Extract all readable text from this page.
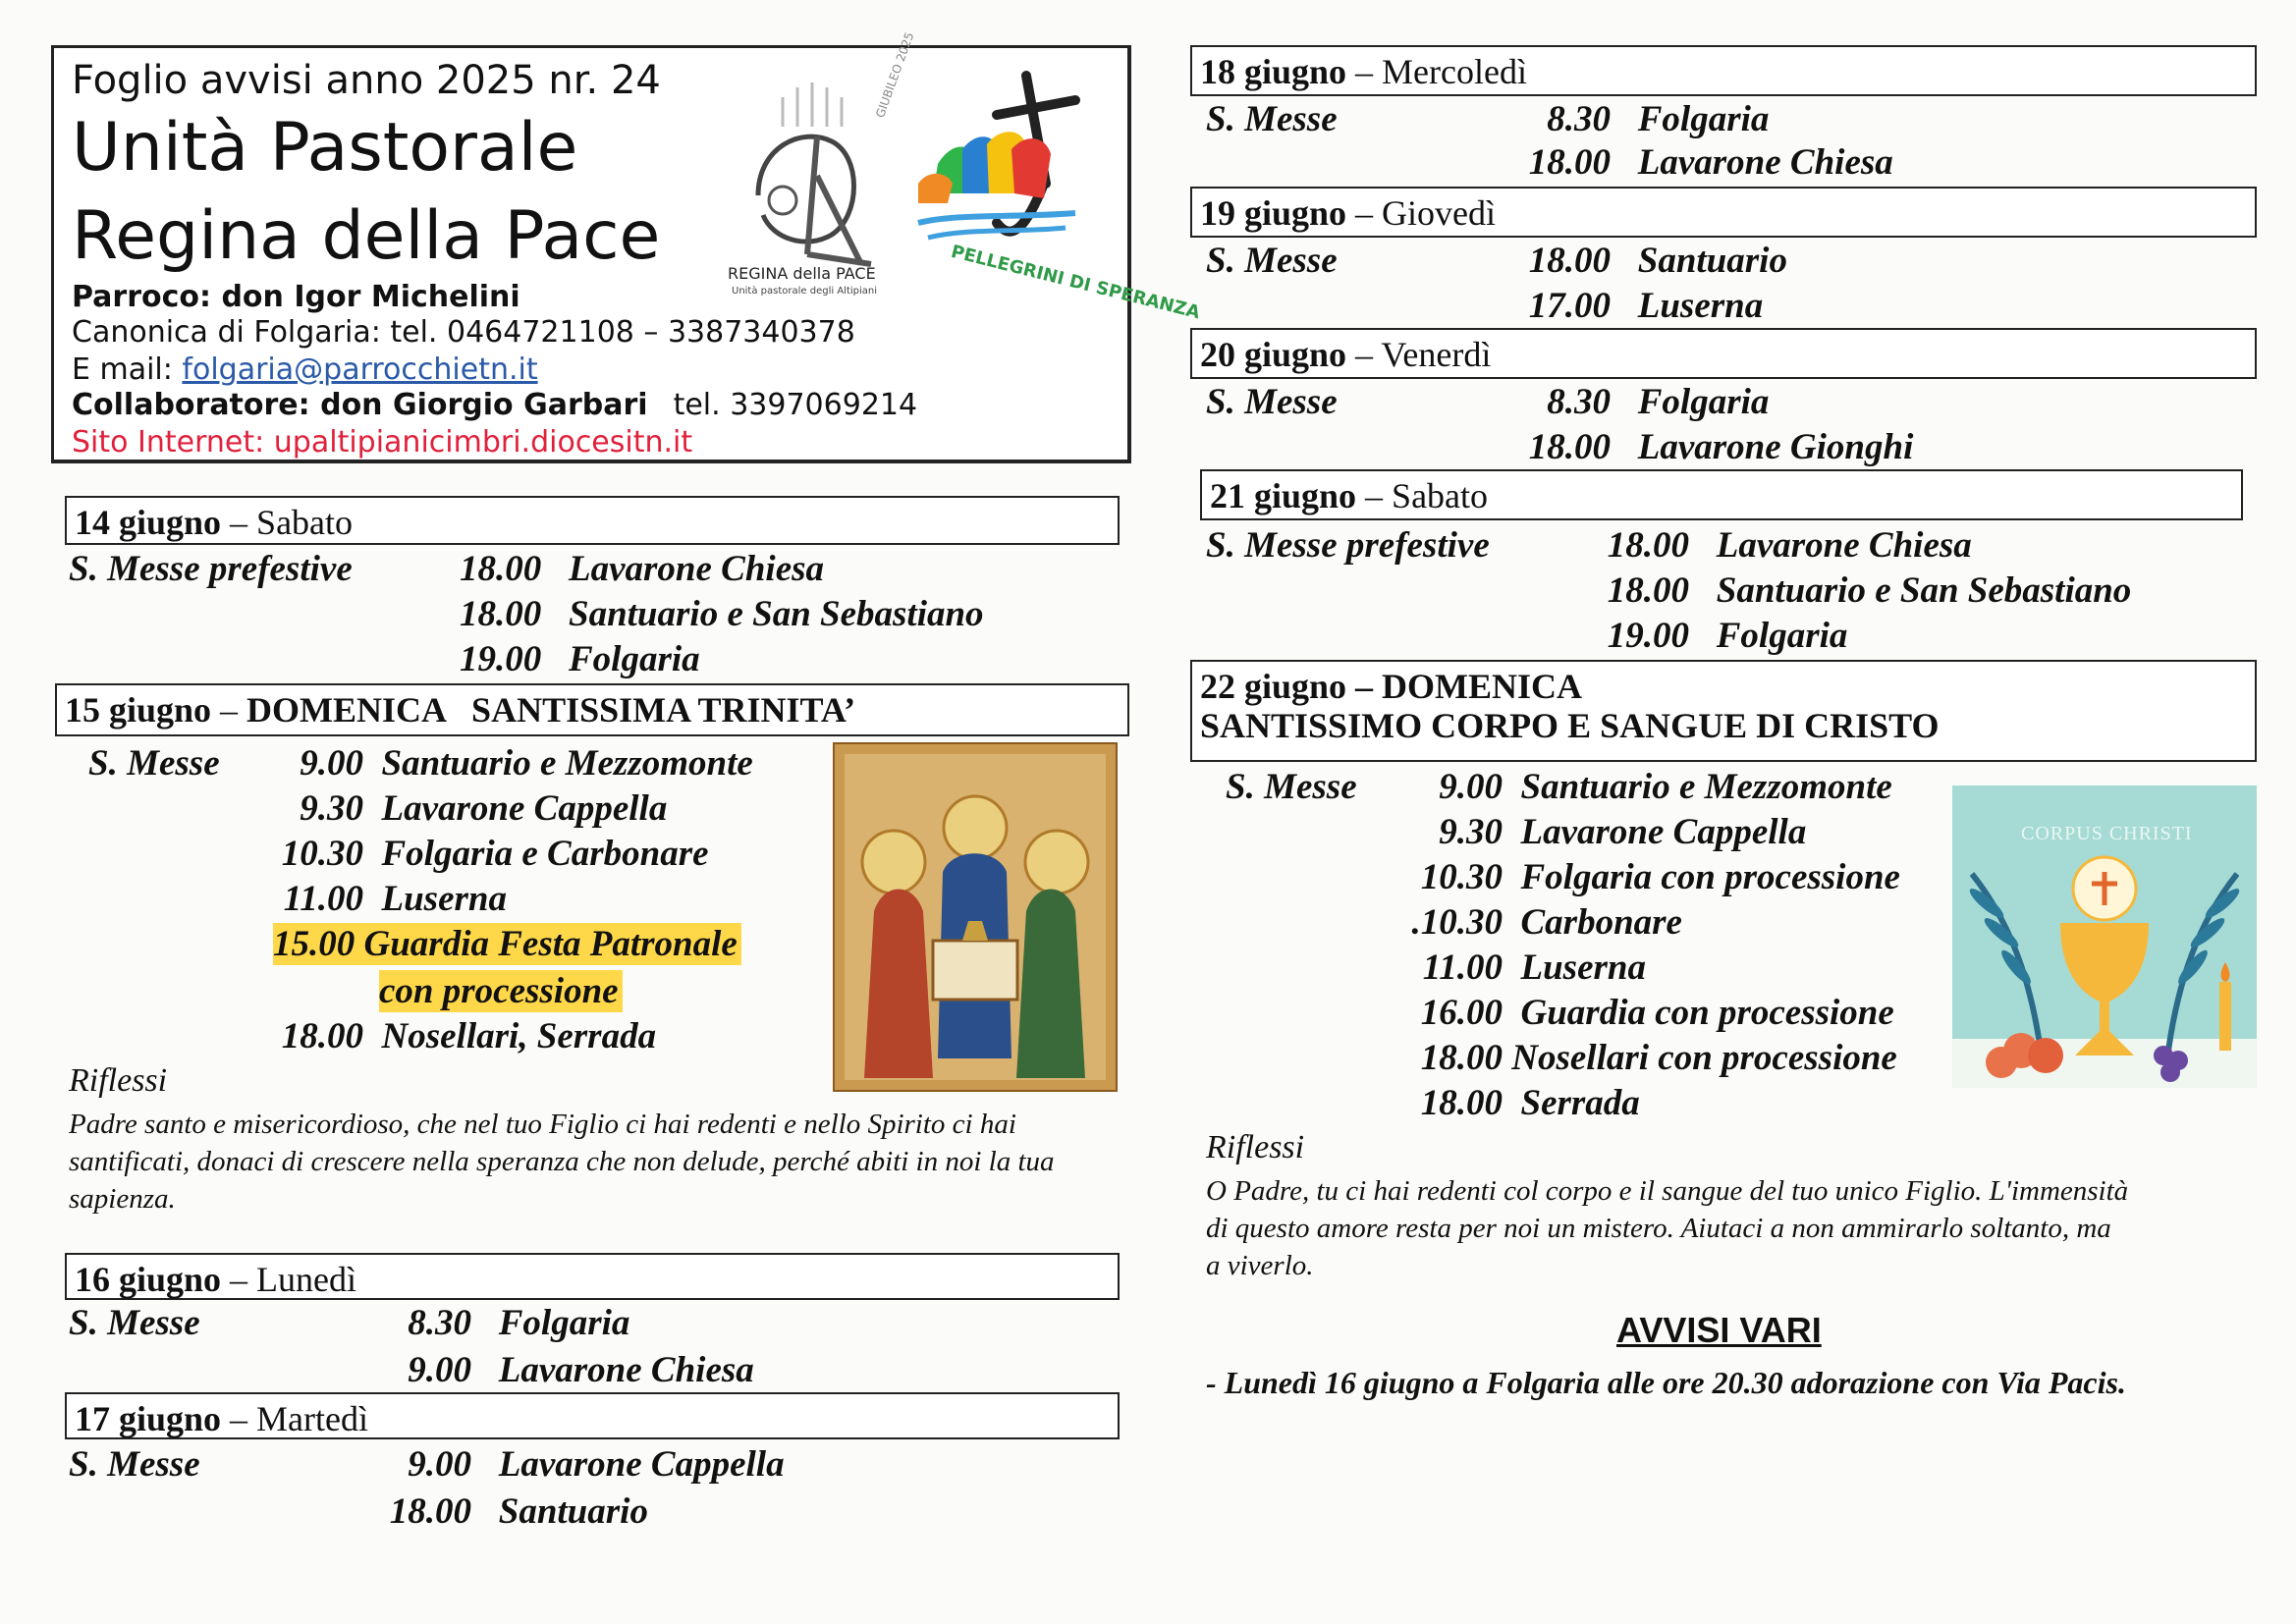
Foglio avvisi anno 2025 nr. 24
Unità Pastorale
Regina della Pace
Parroco: don Igor Michelini
Canonica di Folgaria: tel. 0464721108 – 3387340378
E mail: folgaria@parrocchietn.it
Collaboratore: don Giorgio Garbari tel. 3397069214
Sito Internet: upaltipianicimbri.diocesitn.it
REGINA della PACE
Unità pastorale degli Altipiani
GIUBILEO 2025
PELLEGRINI DI SPERANZA
14 giugno – Sabato
S. Messe prefestive	18.00 Lavarone Chiesa
18.00 Santuario e San Sebastiano
19.00 Folgaria
15 giugno – DOMENICA   SANTISSIMA TRINITA’
S. Messe	9.00 Santuario e Mezzomonte
9.30 Lavarone Cappella
10.30 Folgaria e Carbonare
11.00 Luserna
15.00 Guardia Festa Patronale
con processione
18.00 Nosellari, Serrada
Riflessi
Padre santo e misericordioso, che nel tuo Figlio ci hai redenti e nello Spirito ci hai santificati, donaci di crescere nella speranza che non delude, perché abiti in noi la tua sapienza.
16 giugno – Lunedì
S. Messe	8.30 Folgaria
9.00 Lavarone Chiesa
17 giugno – Martedì
S. Messe	9.00 Lavarone Cappella
18.00 Santuario
18 giugno – Mercoledì
S. Messe	8.30 Folgaria
18.00 Lavarone Chiesa
19 giugno – Giovedì
S. Messe	18.00 Santuario
17.00 Luserna
20 giugno – Venerdì
S. Messe	8.30 Folgaria
18.00 Lavarone Gionghi
21 giugno – Sabato
S. Messe prefestive	18.00 Lavarone Chiesa
18.00 Santuario e San Sebastiano
19.00 Folgaria
22 giugno – DOMENICA
SANTISSIMO CORPO E SANGUE DI CRISTO
S. Messe	9.00 Santuario e Mezzomonte
9.30 Lavarone Cappella
10.30 Folgaria con processione
.10.30 Carbonare
11.00 Luserna
16.00 Guardia con processione
18.00 Nosellari con processione
18.00 Serrada
CORPUS CHRISTI
Riflessi
O Padre, tu ci hai redenti col corpo e il sangue del tuo unico Figlio. L'immensità di questo amore resta per noi un mistero. Aiutaci a non ammirarlo soltanto, ma a viverlo.
AVVISI VARI
- Lunedì 16 giugno a Folgaria alle ore 20.30 adorazione con Via Pacis.
